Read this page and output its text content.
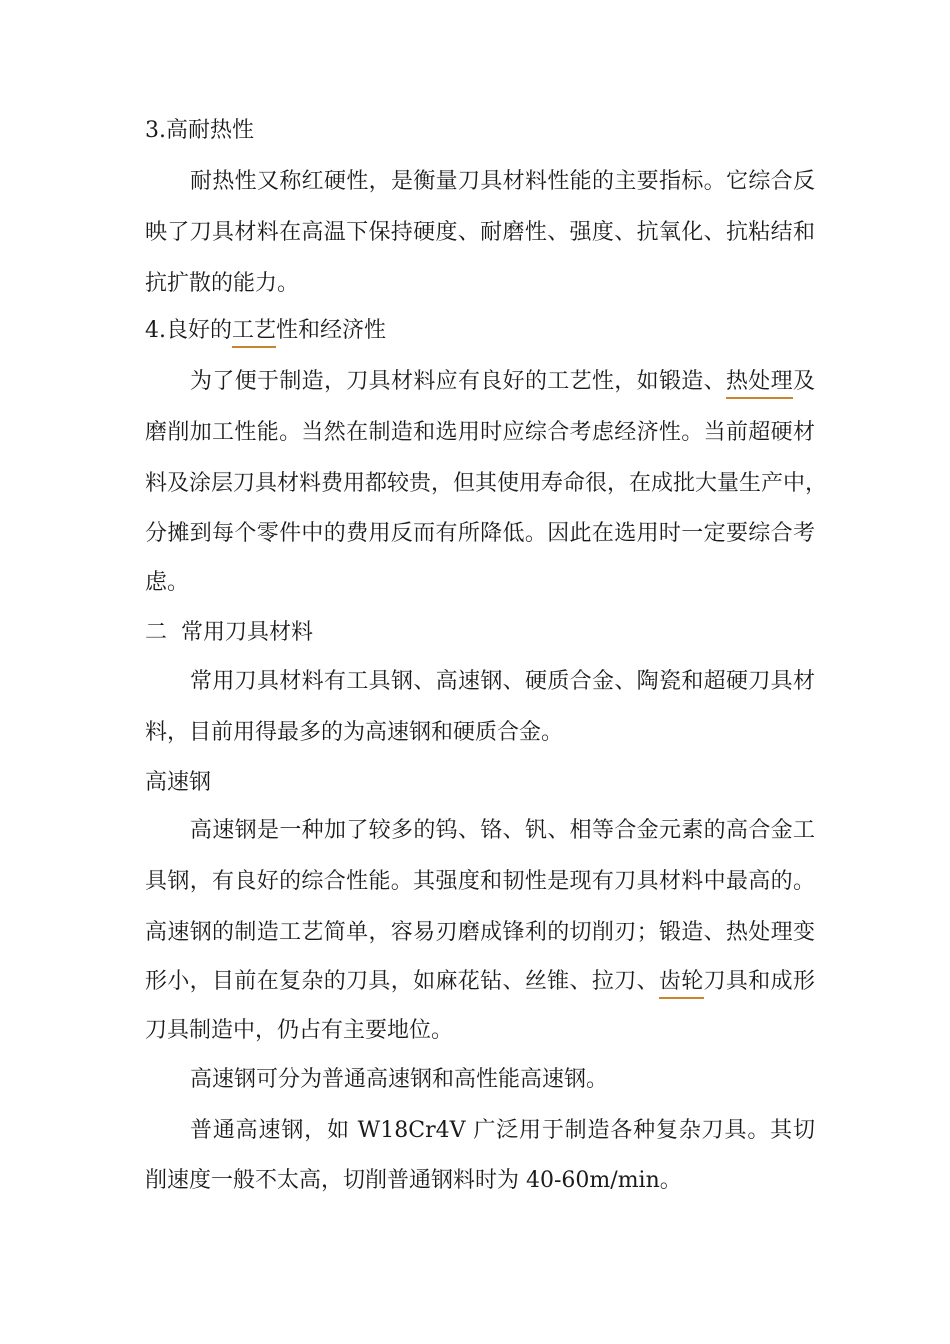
3.高耐热性
耐热性又称红硬性，是衡量刀具材料性能的主要指标。它综合反
映了刀具材料在高温下保持硬度、耐磨性、强度、抗氧化、抗粘结和
抗扩散的能力。
4.良好的工艺性和经济性
为了便于制造，刀具材料应有良好的工艺性，如锻造、热处理及
磨削加工性能。当然在制造和选用时应综合考虑经济性。当前超硬材
料及涂层刀具材料费用都较贵，但其使用寿命很，在成批大量生产中，
分摊到每个零件中的费用反而有所降低。因此在选用时一定要综合考
虑。
二  常用刀具材料
常用刀具材料有工具钢、高速钢、硬质合金、陶瓷和超硬刀具材
料，目前用得最多的为高速钢和硬质合金。
高速钢
高速钢是一种加了较多的钨、铬、钒、相等合金元素的高合金工
具钢，有良好的综合性能。其强度和韧性是现有刀具材料中最高的。
高速钢的制造工艺简单，容易刃磨成锋利的切削刃；锻造、热处理变
形小，目前在复杂的刀具，如麻花钻、丝锥、拉刀、齿轮刀具和成形
刀具制造中，仍占有主要地位。
高速钢可分为普通高速钢和高性能高速钢。
普通高速钢，如 W18Cr4V 广泛用于制造各种复杂刀具。其切
削速度一般不太高，切削普通钢料时为 40-60m/min。
